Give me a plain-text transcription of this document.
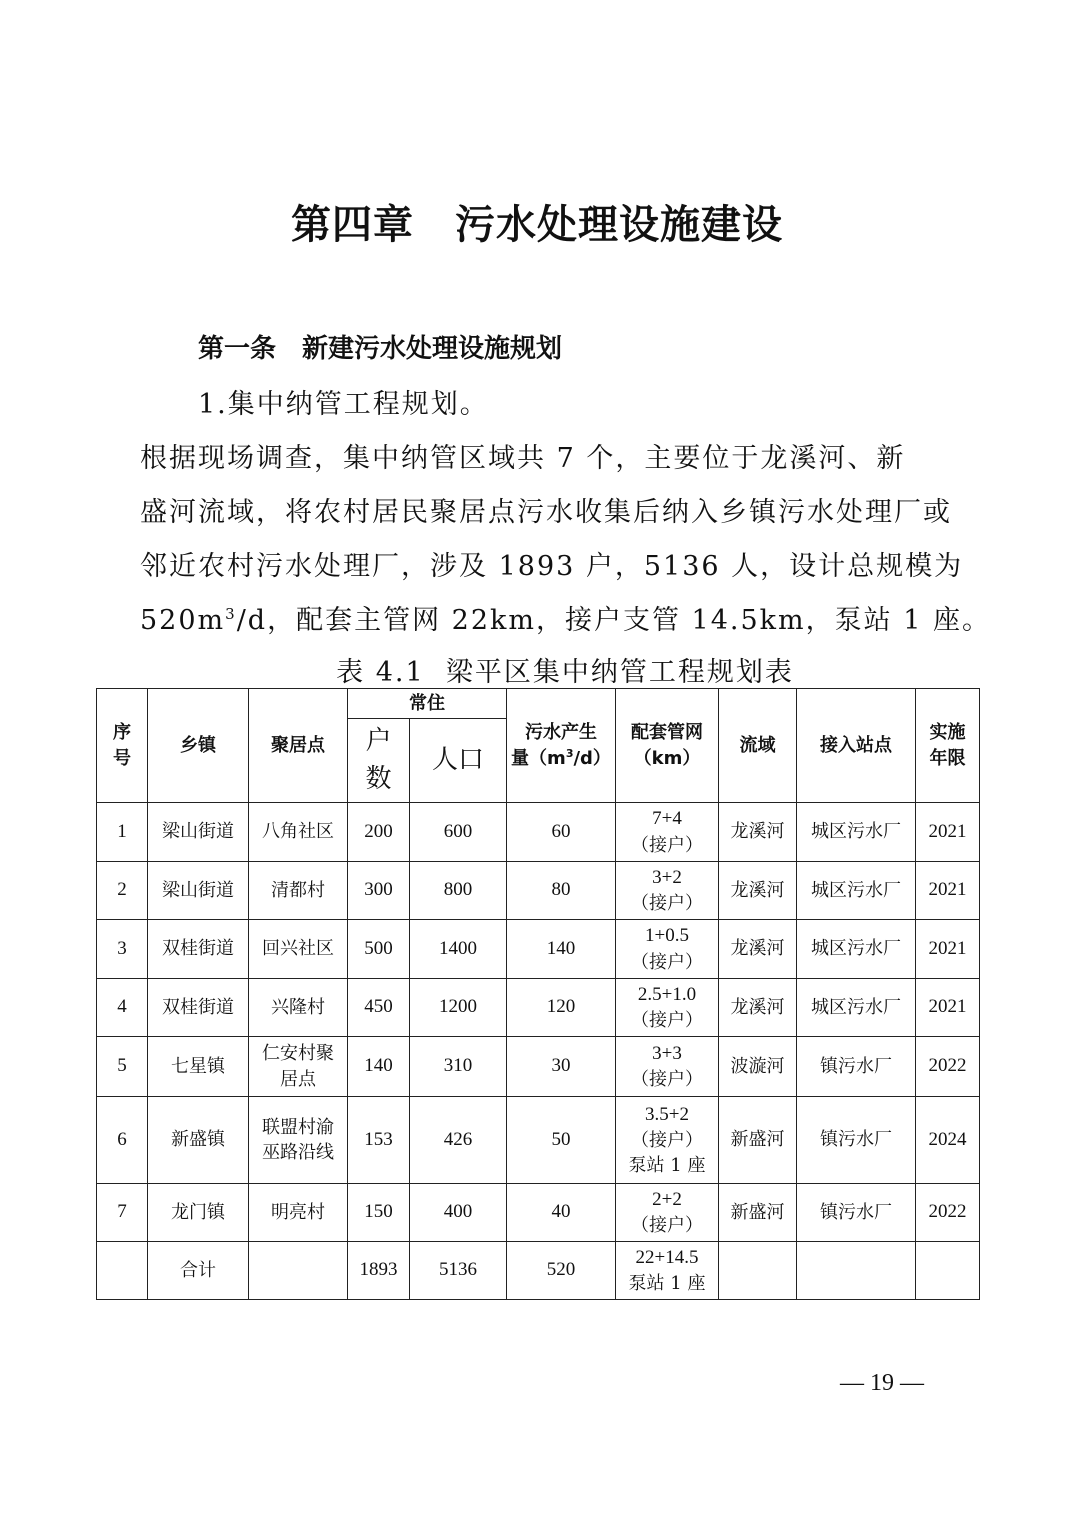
第四章　污水处理设施建设
第一条　新建污水处理设施规划
1.集中纳管工程规划。
根据现场调查，集中纳管区域共 7 个，主要位于龙溪河、新
盛河流域，将农村居民聚居点污水收集后纳入乡镇污水处理厂或
邻近农村污水处理厂，涉及 1893 户，5136 人，设计总规模为
$520m^3/d$，配套主管网 22km，接户支管 14.5km，泵站 1 座。
表 4.1  梁平区集中纳管工程规划表
序
号	乡镇	聚居点	常住		污水产生
量$(m^3/d)$	配套管网
（km）	流域	接入站点	实施
年限
			户
数	人口					
1	梁山街道	八角社区	200	600	60	7+4
（接户）	龙溪河	城区污水厂	2021
2	梁山街道	清都村	300	800	80	3+2
（接户）	龙溪河	城区污水厂	2021
3	双桂街道	回兴社区	500	1400	140	1+0.5
（接户）	龙溪河	城区污水厂	2021
4	双桂街道	兴隆村	450	1200	120	2.5+1.0
（接户）	龙溪河	城区污水厂	2021
5	七星镇	仁安村聚
居点	140	310	30	3+3
（接户）	波漩河	镇污水厂	2022
6	新盛镇	联盟村渝
巫路沿线	153	426	50	3.5+2
（接户）
泵站 1 座	新盛河	镇污水厂	2024
7	龙门镇	明亮村	150	400	40	2+2
（接户）	新盛河	镇污水厂	2022
	合计		1893	5136	520	22+14.5
泵站 1 座			
— 19 —
